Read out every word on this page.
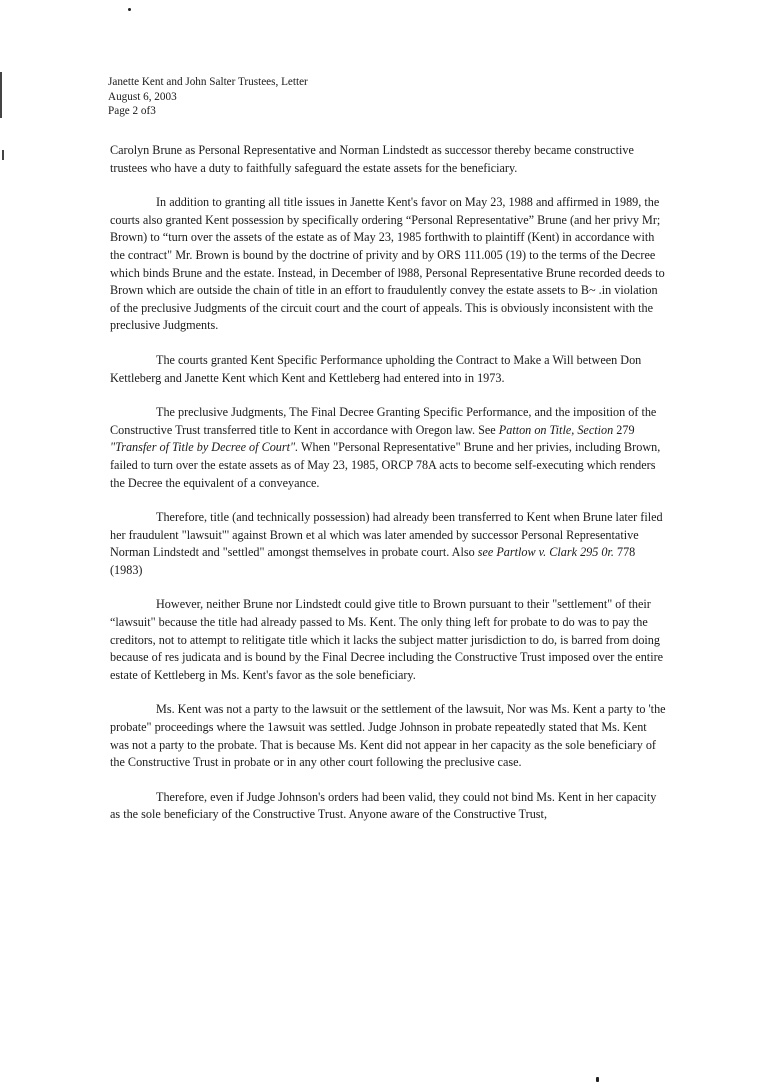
Janette Kent and John Salter Trustees, Letter
August 6, 2003
Page 2 of3

Carolyn Brune as Personal Representative and Norman Lindstedt as successor thereby became constructive trustees who have a duty to faithfully safeguard the estate assets for the beneficiary.

In addition to granting all title issues in Janette Kent's favor on May 23, 1988 and affirmed in 1989, the courts also granted Kent possession by specifically ordering “Personal Representative” Brune (and her privy Mr; Brown) to “turn over the assets of the estate as of May 23, 1985 forthwith to plaintiff (Kent) in accordance with the contract" Mr. Brown is bound by the doctrine of privity and by ORS 111.005 (19) to the terms of the Decree which binds Brune and the estate. Instead, in December of l988, Personal Representative Brune recorded deeds to Brown which are outside the chain of title in an effort to fraudulently convey the estate assets to B~ .in violation of the preclusive Judgments of the circuit court and the court of appeals. This is obviously inconsistent with the preclusive Judgments.

The courts granted Kent Specific Performance upholding the Contract to Make a Will between Don Kettleberg and Janette Kent which Kent and Kettleberg had entered into in 1973.

The preclusive Judgments, The Final Decree Granting Specific Performance, and the imposition of the Constructive Trust transferred title to Kent in accordance with Oregon law. See Patton on Title, Section 279 "Transfer of Title by Decree of Court". When "Personal Representative" Brune and her privies, including Brown, failed to turn over the estate assets as of May 23, 1985, ORCP 78A acts to become self-executing which renders the Decree the equivalent of a conveyance.

Therefore, title (and technically possession) had already been transferred to Kent when Brune later filed her fraudulent "lawsuit"' against Brown et al which was later amended by successor Personal Representative Norman Lindstedt and "settled" amongst themselves in probate court. Also see Partlow v. Clark 295 0r. 778 (1983)

However, neither Brune nor Lindstedt could give title to Brown pursuant to their "settlement" of their “lawsuit" because the title had already passed to Ms. Kent. The only thing left for probate to do was to pay the creditors, not to attempt to relitigate title which it lacks the subject matter jurisdiction to do, is barred from doing because of res judicata and is bound by the Final Decree including the Constructive Trust imposed over the entire estate of Kettleberg in Ms. Kent's favor as the sole beneficiary.

Ms. Kent was not a party to the lawsuit or the settlement of the lawsuit, Nor was Ms. Kent a party to 'the probate" proceedings where the 1awsuit was settled. Judge Johnson in probate repeatedly stated that Ms. Kent was not a party to the probate. That is because Ms. Kent did not appear in her capacity as the sole beneficiary of the Constructive Trust in probate or in any other court following the preclusive case.

Therefore, even if Judge Johnson's orders had been valid, they could not bind Ms. Kent in her capacity as the sole beneficiary of the Constructive Trust. Anyone aware of the Constructive Trust,
